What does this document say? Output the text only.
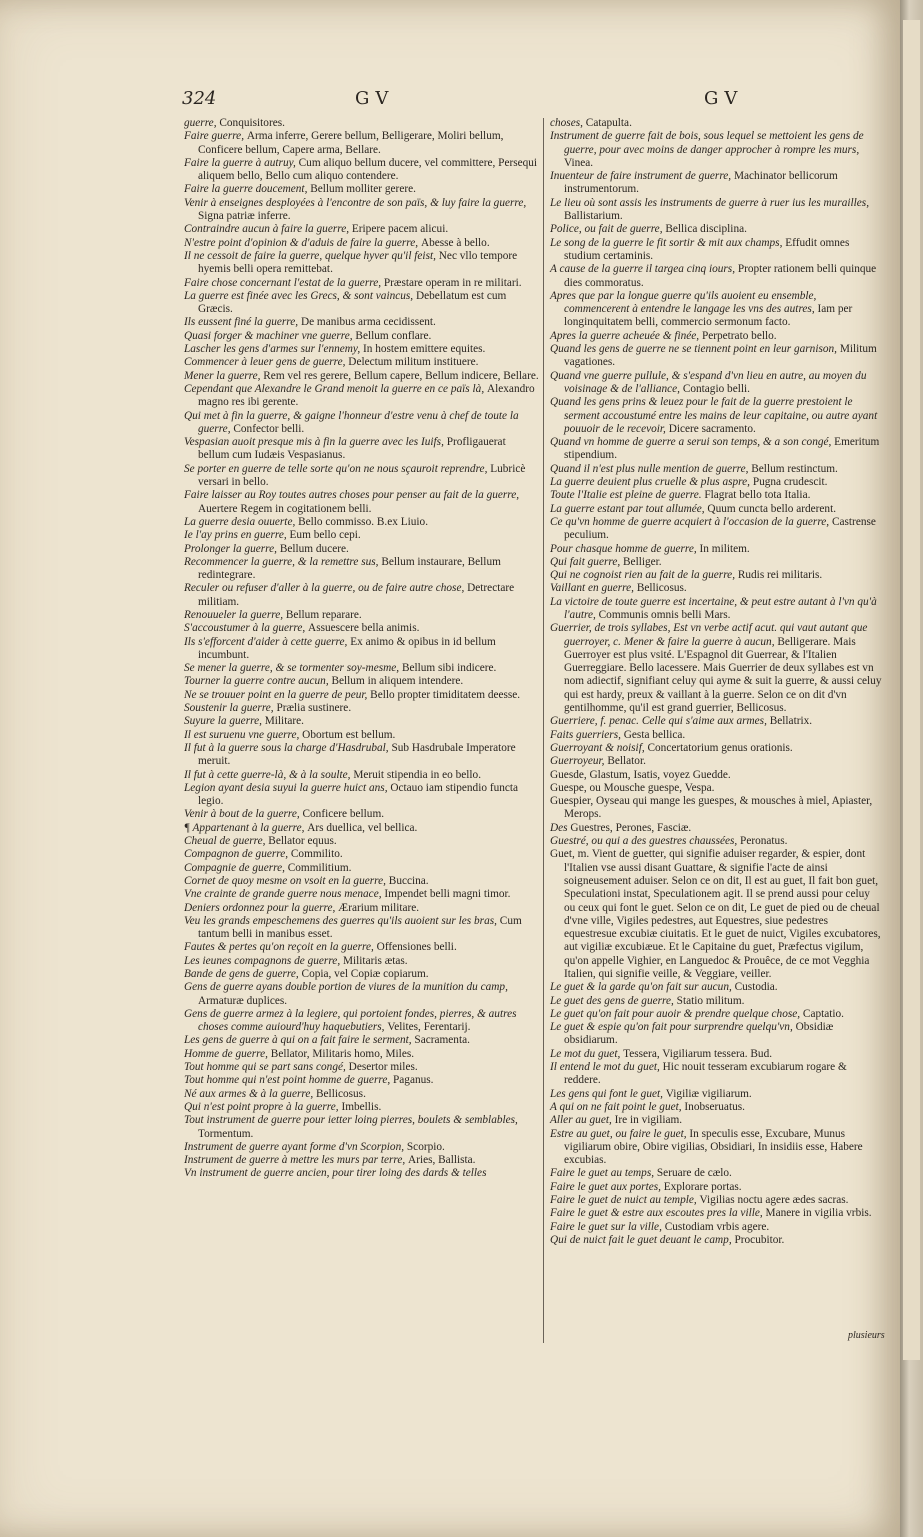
324	GV	GV

guerre, Conquisitores.

Faire guerre, Arma inferre, Gerere bellum, Belligerare, Moliri bellum, Conficere bellum, Capere arma, Bellare.

Faire la guerre à autruy, Cum aliquo bellum ducere, vel committere, Persequi aliquem bello, Bello cum aliquo contendere.

Faire la guerre doucement, Bellum molliter gerere.

Venir à enseignes desployées à l'encontre de son païs, & luy faire la guerre, Signa patriæ inferre.

Contraindre aucun à faire la guerre, Eripere pacem alicui.

N'estre point d'opinion & d'aduis de faire la guerre, Abesse à bello.

Il ne cessoit de faire la guerre, quelque hyver qu'il feist, Nec vllo tempore hyemis belli opera remittebat.

Faire chose concernant l'estat de la guerre, Præstare operam in re militari.

La guerre est finée avec les Grecs, & sont vaincus, Debellatum est cum Græcis.

Ils eussent finé la guerre, De manibus arma cecidissent.

Quasi forger & machiner vne guerre, Bellum conflare.

Lascher les gens d'armes sur l'ennemy, In hostem emittere equites.

Commencer à leuer gens de guerre, Delectum militum instituere.

Mener la guerre, Rem vel res gerere, Bellum capere, Bellum indicere, Bellare.

Cependant que Alexandre le Grand menoit la guerre en ce païs là, Alexandro magno res ibi gerente.

Qui met à fin la guerre, & gaigne l'honneur d'estre venu à chef de toute la guerre, Confector belli.

Vespasian auoit presque mis à fin la guerre avec les Iuifs, Profligauerat bellum cum Iudæis Vespasianus.

Se porter en guerre de telle sorte qu'on ne nous sçauroit reprendre, Lubricè versari in bello.

Faire laisser au Roy toutes autres choses pour penser au fait de la guerre, Auertere Regem in cogitationem belli.

La guerre desia ouuerte, Bello commisso. B.ex Liuio.

Ie l'ay prins en guerre, Eum bello cepi.

Prolonger la guerre, Bellum ducere.

Recommencer la guerre, & la remettre sus, Bellum instaurare, Bellum redintegrare.

Reculer ou refuser d'aller à la guerre, ou de faire autre chose, Detrectare militiam.

Renouueler la guerre, Bellum reparare.

S'accoustumer à la guerre, Assuescere bella animis.

Ils s'efforcent d'aider à cette guerre, Ex animo & opibus in id bellum incumbunt.

Se mener la guerre, & se tormenter soy-mesme, Bellum sibi indicere.

Tourner la guerre contre aucun, Bellum in aliquem intendere.

Ne se trouuer point en la guerre de peur, Bello propter timiditatem deesse.

Soustenir la guerre, Prælia sustinere.

Suyure la guerre, Militare.

Il est suruenu vne guerre, Obortum est bellum.

Il fut à la guerre sous la charge d'Hasdrubal, Sub Hasdrubale Imperatore meruit.

Il fut à cette guerre-là, & à la soulte, Meruit stipendia in eo bello.

Legion ayant desia suyui la guerre huict ans, Octauo iam stipendio functa legio.

Venir à bout de la guerre, Conficere bellum.

¶ Appartenant à la guerre, Ars duellica, vel bellica.

Cheual de guerre, Bellator equus.

Compagnon de guerre, Commilito.

Compagnie de guerre, Commilitium.

Cornet de quoy mesme on vsoit en la guerre, Buccina.

Vne crainte de grande guerre nous menace, Impendet belli magni timor.

Deniers ordonnez pour la guerre, Ærarium militare.

Veu les grands empeschemens des guerres qu'ils auoient sur les bras, Cum tantum belli in manibus esset.

Fautes & pertes qu'on reçoit en la guerre, Offensiones belli.

Les ieunes compagnons de guerre, Militaris ætas.

Bande de gens de guerre, Copia, vel Copiæ copiarum.

Gens de guerre ayans double portion de viures de la munition du camp, Armaturæ duplices.

Gens de guerre armez à la legiere, qui portoient fondes, pierres, & autres choses comme auiourd'huy haquebutiers, Velites, Ferentarij.

Les gens de guerre à qui on a fait faire le serment, Sacramenta.

Homme de guerre, Bellator, Militaris homo, Miles.

Tout homme qui se part sans congé, Desertor miles.

Tout homme qui n'est point homme de guerre, Paganus.

Né aux armes & à la guerre, Bellicosus.

Qui n'est point propre à la guerre, Imbellis.

Tout instrument de guerre pour ietter loing pierres, boulets & semblables, Tormentum.

Instrument de guerre ayant forme d'vn Scorpion, Scorpio.

Instrument de guerre à mettre les murs par terre, Aries, Ballista.

Vn instrument de guerre ancien, pour tirer loing des dards & telles

choses, Catapulta.

Instrument de guerre fait de bois, sous lequel se mettoient les gens de guerre, pour avec moins de danger approcher à rompre les murs, Vinea.

Inuenteur de faire instrument de guerre, Machinator bellicorum instrumentorum.

Le lieu où sont assis les instruments de guerre à ruer ius les murailles, Ballistarium.

Police, ou fait de guerre, Bellica disciplina.

Le song de la guerre le fit sortir & mit aux champs, Effudit omnes studium certaminis.

A cause de la guerre il targea cinq iours, Propter rationem belli quinque dies commoratus.

Apres que par la longue guerre qu'ils auoient eu ensemble, commencerent à entendre le langage les vns des autres, Iam per longinquitatem belli, commercio sermonum facto.

Apres la guerre acheuée & finée, Perpetrato bello.

Quand les gens de guerre ne se tiennent point en leur garnison, Militum vagationes.

Quand vne guerre pullule, & s'espand d'vn lieu en autre, au moyen du voisinage & de l'alliance, Contagio belli.

Quand les gens prins & leuez pour le fait de la guerre prestoient le serment accoustumé entre les mains de leur capitaine, ou autre ayant pouuoir de le recevoir, Dicere sacramento.

Quand vn homme de guerre a serui son temps, & a son congé, Emeritum stipendium.

Quand il n'est plus nulle mention de guerre, Bellum restinctum.

La guerre deuient plus cruelle & plus aspre, Pugna crudescit.

Toute l'Italie est pleine de guerre. Flagrat bello tota Italia.

La guerre estant par tout allumée, Quum cuncta bello arderent.

Ce qu'vn homme de guerre acquiert à l'occasion de la guerre, Castrense peculium.

Pour chasque homme de guerre, In militem.

Qui fait guerre, Belliger.

Qui ne cognoist rien au fait de la guerre, Rudis rei militaris.

Vaillant en guerre, Bellicosus.

La victoire de toute guerre est incertaine, & peut estre autant à l'vn qu'à l'autre, Communis omnis belli Mars.

Guerrier, de trois syllabes, Est vn verbe actif acut. qui vaut autant que guerroyer, c. Mener & faire la guerre à aucun, Belligerare. Mais Guerroyer est plus vsité. L'Espagnol dit Guerrear, & l'Italien Guerreggiare. Bello lacessere. Mais Guerrier de deux syllabes est vn nom adiectif, signifiant celuy qui ayme & suit la guerre, & aussi celuy qui est hardy, preux & vaillant à la guerre. Selon ce on dit d'vn gentilhomme, qu'il est grand guerrier, Bellicosus.

Guerriere, f. penac. Celle qui s'aime aux armes, Bellatrix.

Faits guerriers, Gesta bellica.

Guerroyant & noisif, Concertatorium genus orationis.

Guerroyeur, Bellator.

Guesde, Glastum, Isatis, voyez Guedde.

Guespe, ou Mousche guespe, Vespa.

Guespier, Oyseau qui mange les guespes, & mousches à miel, Apiaster, Merops.

Des Guestres, Perones, Fasciæ.

Guestré, ou qui a des guestres chaussées, Peronatus.

Guet, m. Vient de guetter, qui signifie aduiser regarder, & espier, dont l'Italien vse aussi disant Guattare, & signifie l'acte de ainsi soigneusement aduiser. Selon ce on dit, Il est au guet, Il fait bon guet, Speculationi instat, Speculationem agit. Il se prend aussi pour celuy ou ceux qui font le guet. Selon ce on dit, Le guet de pied ou de cheual d'vne ville, Vigiles pedestres, aut Equestres, siue pedestres equestresue excubiæ ciuitatis. Et le guet de nuict, Vigiles excubatores, aut vigiliæ excubiæue. Et le Capitaine du guet, Præfectus vigilum, qu'on appelle Vighier, en Languedoc & Prouêce, de ce mot Vegghia Italien, qui signifie veille, & Veggiare, veiller.

Le guet & la garde qu'on fait sur aucun, Custodia.

Le guet des gens de guerre, Statio militum.

Le guet qu'on fait pour auoir & prendre quelque chose, Captatio.

Le guet & espie qu'on fait pour surprendre quelqu'vn, Obsidiæ obsidiarum.

Le mot du guet, Tessera, Vigiliarum tessera. Bud.

Il entend le mot du guet, Hic nouit tesseram excubiarum rogare & reddere.

Les gens qui font le guet, Vigiliæ vigiliarum.

A qui on ne fait point le guet, Inobseruatus.

Aller au guet, Ire in vigiliam.

Estre au guet, ou faire le guet, In speculis esse, Excubare, Munus vigiliarum obire, Obire vigilias, Obsidiari, In insidiis esse, Habere excubias.

Faire le guet au temps, Seruare de cælo.

Faire le guet aux portes, Explorare portas.

Faire le guet de nuict au temple, Vigilias noctu agere ædes sacras.

Faire le guet & estre aux escoutes pres la ville, Manere in vigilia vrbis.

Faire le guet sur la ville, Custodiam vrbis agere.

Qui de nuict fait le guet deuant le camp, Procubitor.

plusieurs
